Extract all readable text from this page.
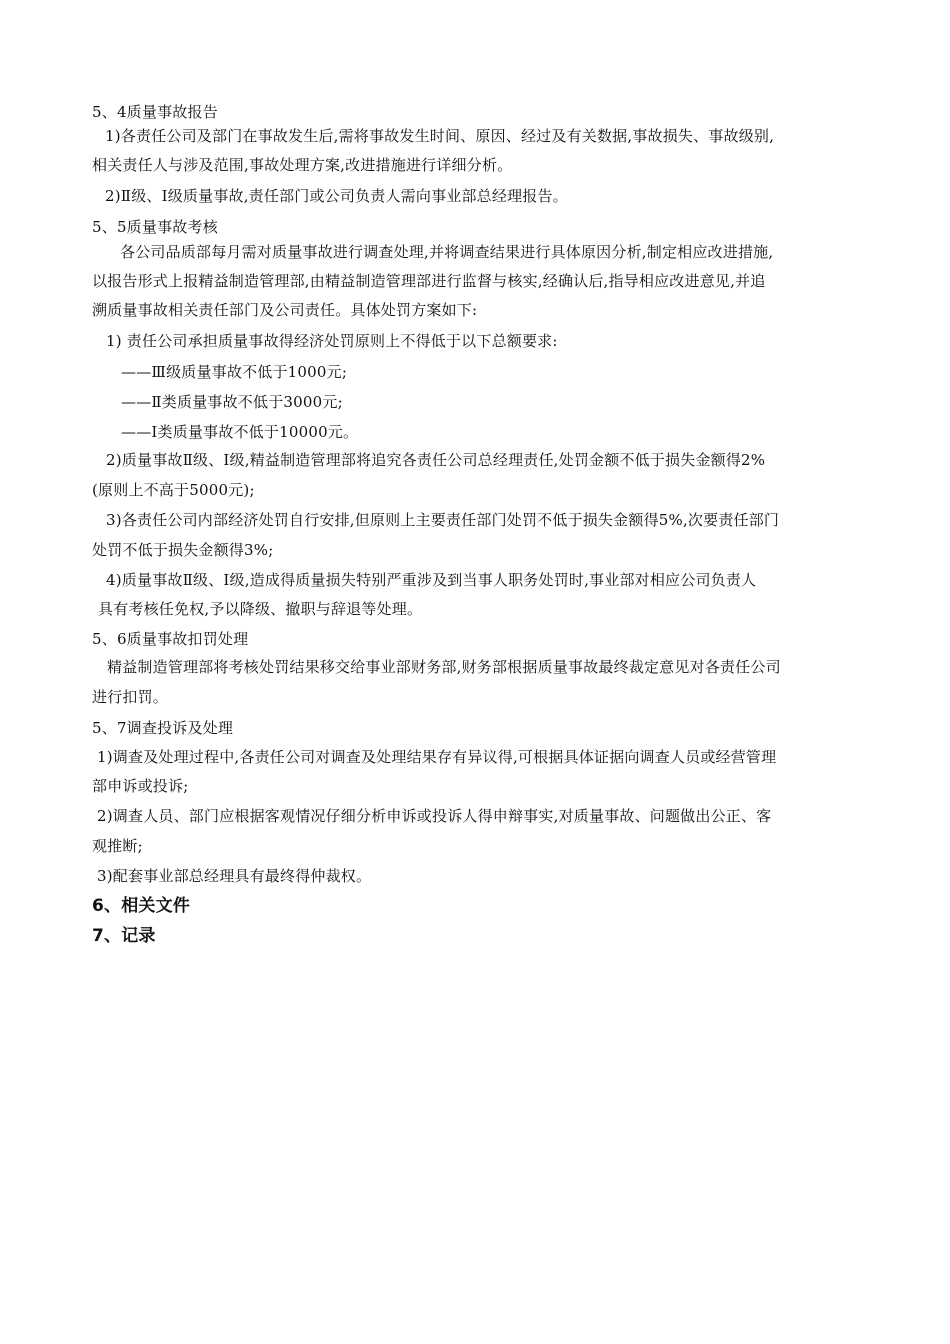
5、4质量事故报告
1)各责任公司及部门在事故发生后,需将事故发生时间、原因、经过及有关数据,事故损失、事故级别,
相关责任人与涉及范围,事故处理方案,改进措施进行详细分析。
2)Ⅱ级、Ⅰ级质量事故,责任部门或公司负责人需向事业部总经理报告。
5、5质量事故考核
各公司品质部每月需对质量事故进行调查处理,并将调查结果进行具体原因分析,制定相应改进措施,
以报告形式上报精益制造管理部,由精益制造管理部进行监督与核实,经确认后,指导相应改进意见,并追
溯质量事故相关责任部门及公司责任。具体处罚方案如下:
1) 责任公司承担质量事故得经济处罚原则上不得低于以下总额要求:
——Ⅲ级质量事故不低于1000元;
——Ⅱ类质量事故不低于3000元;
——Ⅰ类质量事故不低于10000元。
2)质量事故Ⅱ级、Ⅰ级,精益制造管理部将追究各责任公司总经理责任,处罚金额不低于损失金额得2%
(原则上不高于5000元);
3)各责任公司内部经济处罚自行安排,但原则上主要责任部门处罚不低于损失金额得5%,次要责任部门
处罚不低于损失金额得3%;
4)质量事故Ⅱ级、Ⅰ级,造成得质量损失特别严重涉及到当事人职务处罚时,事业部对相应公司负责人
具有考核任免权,予以降级、撤职与辞退等处理。
5、6质量事故扣罚处理
精益制造管理部将考核处罚结果移交给事业部财务部,财务部根据质量事故最终裁定意见对各责任公司
进行扣罚。
5、7调查投诉及处理
1)调查及处理过程中,各责任公司对调查及处理结果存有异议得,可根据具体证据向调查人员或经营管理
部申诉或投诉;
2)调查人员、部门应根据客观情况仔细分析申诉或投诉人得申辩事实,对质量事故、问题做出公正、客
观推断;
3)配套事业部总经理具有最终得仲裁权。
6、相关文件
7、记录
